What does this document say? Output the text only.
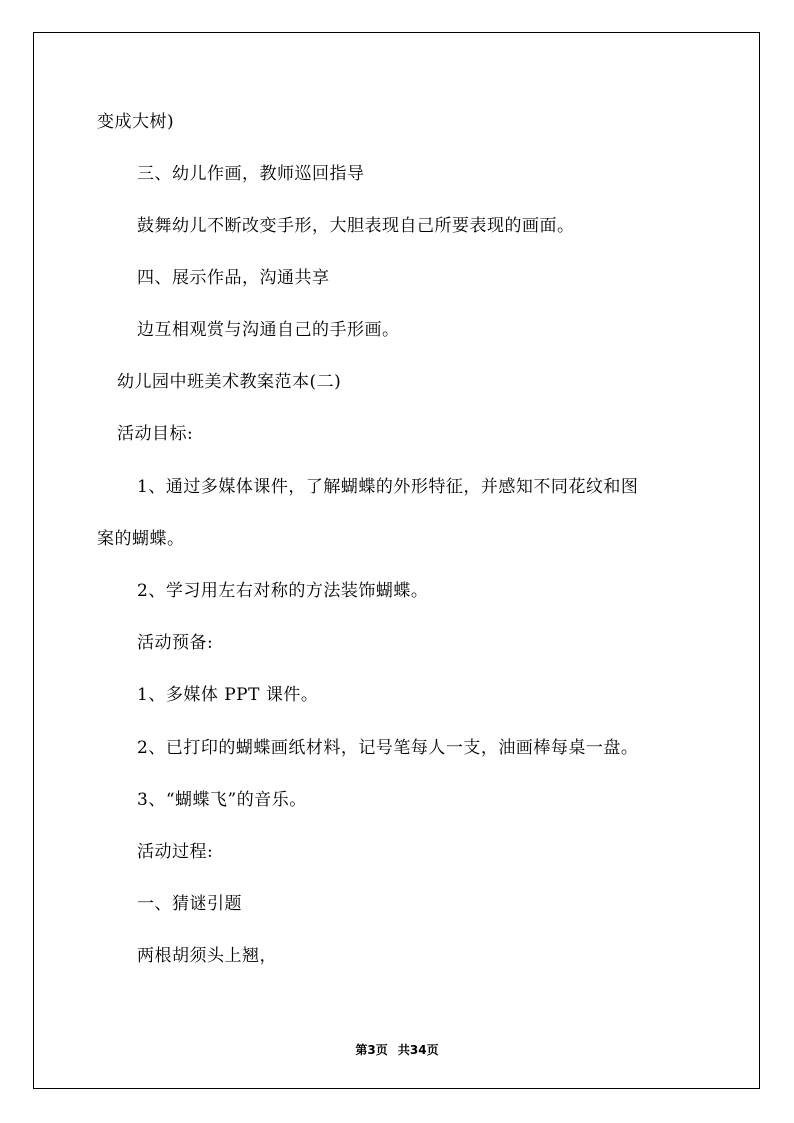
变成大树)
三、幼儿作画，教师巡回指导
鼓舞幼儿不断改变手形，大胆表现自己所要表现的画面。
四、展示作品，沟通共享
边互相观赏与沟通自己的手形画。
幼儿园中班美术教案范本(二)
活动目标:
1、通过多媒体课件，了解蝴蝶的外形特征，并感知不同花纹和图
案的蝴蝶。
2、学习用左右对称的方法装饰蝴蝶。
活动预备:
1、多媒体 PPT 课件。
2、已打印的蝴蝶画纸材料，记号笔每人一支，油画棒每桌一盘。
3、“蝴蝶飞”的音乐。
活动过程:
一、猜谜引题
两根胡须头上翘，
第3页 共34页
